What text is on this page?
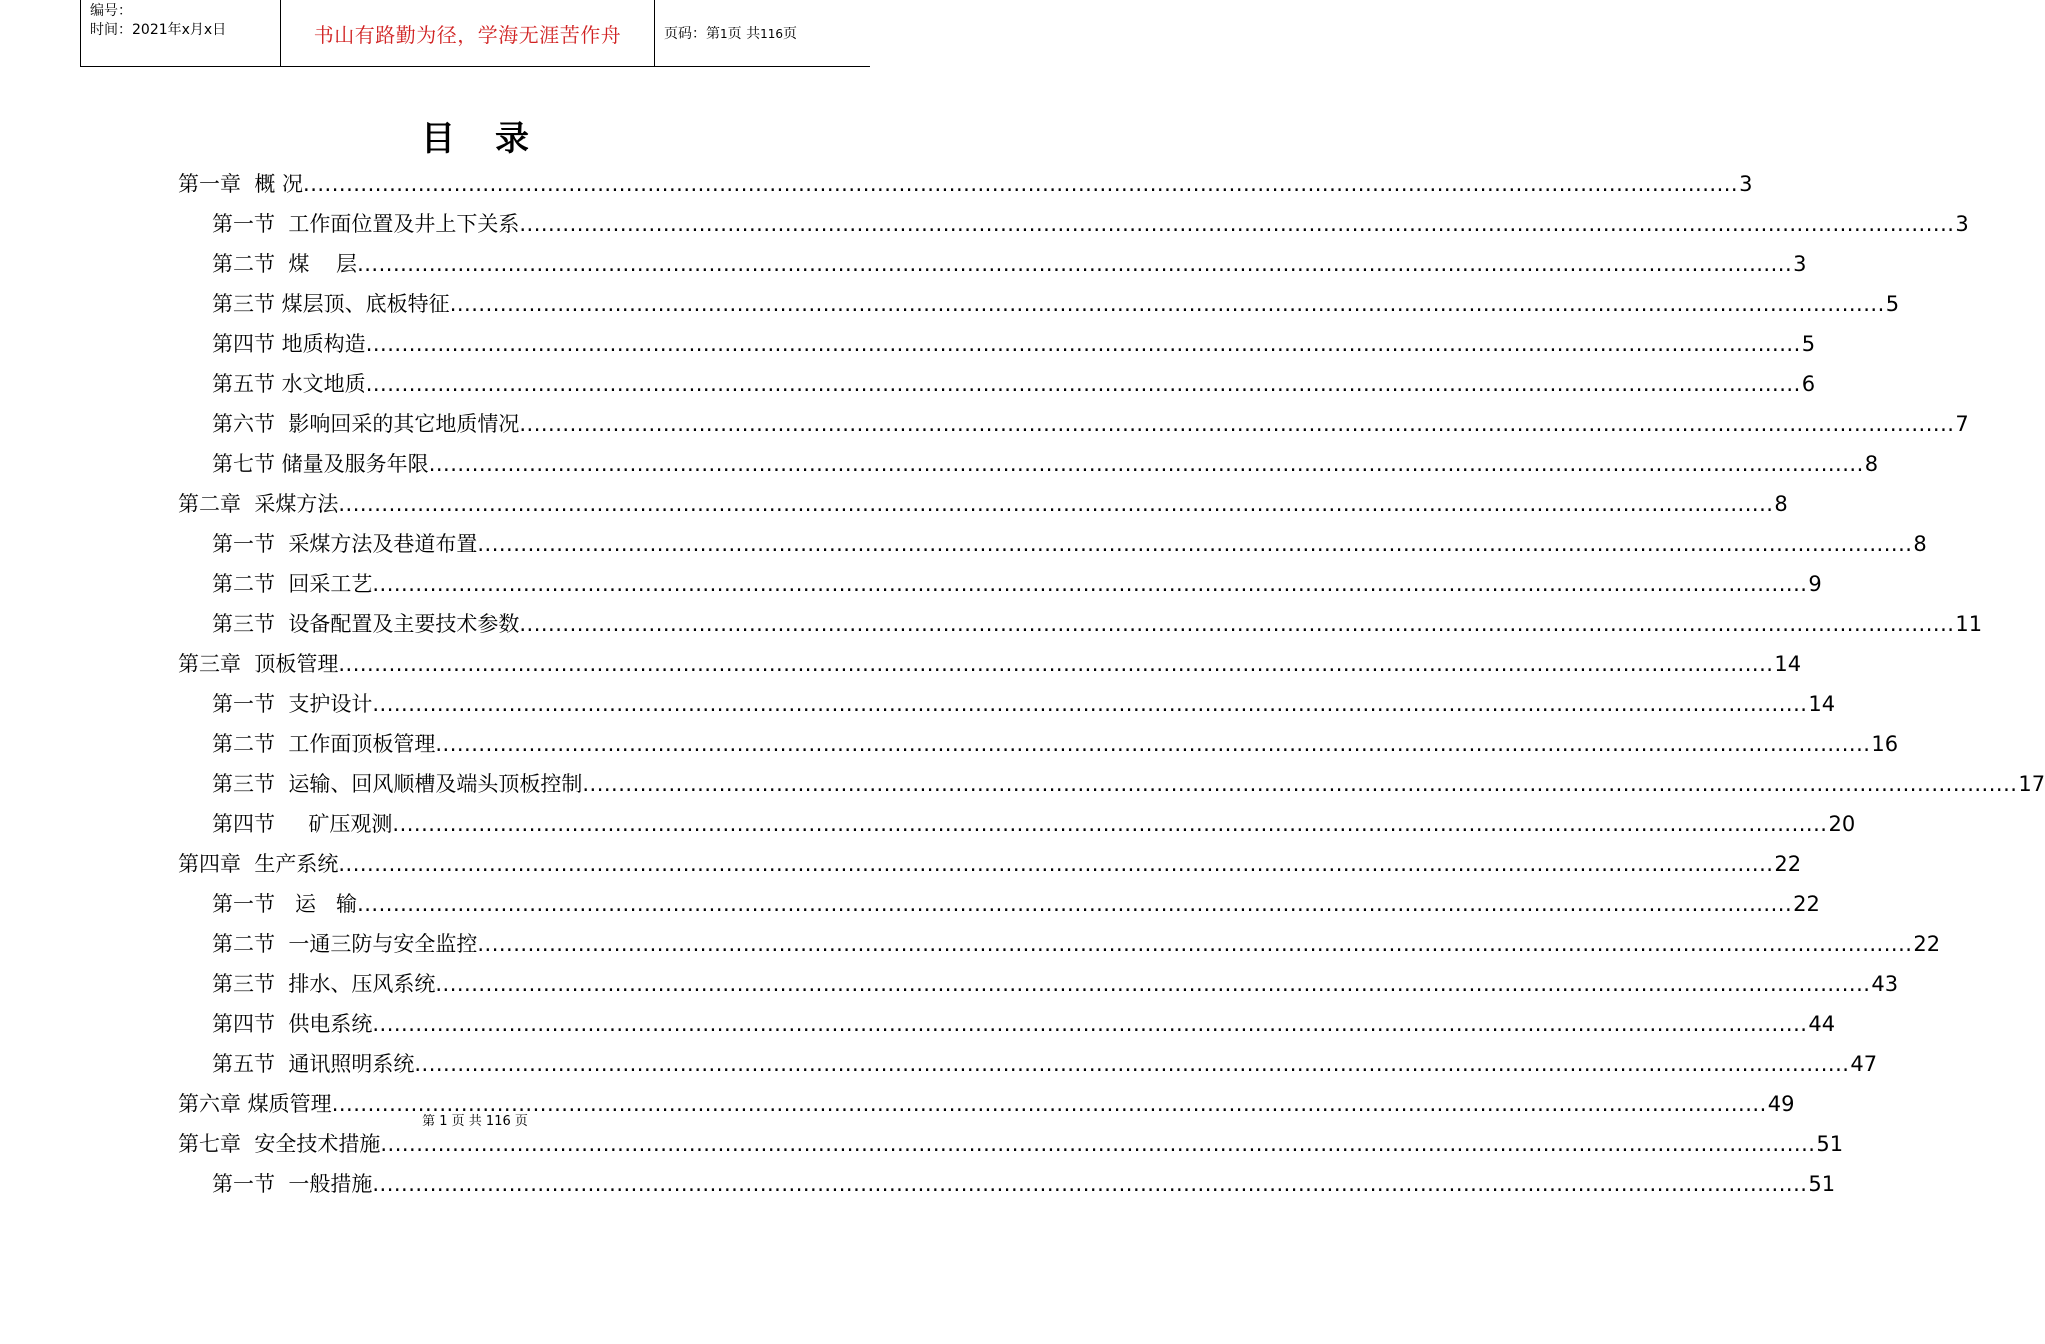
编号：
时间：2021年x月x日	书山有路勤为径，学海无涯苦作舟	页码：第1页 共116页
目录
第一章  概 况 ........................................................................................................................................................................................................ 3
第一节  工作面位置及井上下关系 ........................................................................................................................................................................................................ 3
第二节  煤    层 ........................................................................................................................................................................................................ 3
第三节 煤层顶、底板特征 ........................................................................................................................................................................................................ 5
第四节 地质构造 ........................................................................................................................................................................................................ 5
第五节 水文地质 ........................................................................................................................................................................................................ 6
第六节  影响回采的其它地质情况 ........................................................................................................................................................................................................ 7
第七节 储量及服务年限 ........................................................................................................................................................................................................ 8
第二章  采煤方法 ........................................................................................................................................................................................................ 8
第一节  采煤方法及巷道布置 ........................................................................................................................................................................................................ 8
第二节  回采工艺 ........................................................................................................................................................................................................ 9
第三节  设备配置及主要技术参数 ........................................................................................................................................................................................................ 11
第三章  顶板管理 ........................................................................................................................................................................................................ 14
第一节  支护设计 ........................................................................................................................................................................................................ 14
第二节  工作面顶板管理 ........................................................................................................................................................................................................ 16
第三节  运输、回风顺槽及端头顶板控制 ........................................................................................................................................................................................................ 17
第四节     矿压观测 ........................................................................................................................................................................................................ 20
第四章  生产系统 ........................................................................................................................................................................................................ 22
第一节   运   输 ........................................................................................................................................................................................................ 22
第二节  一通三防与安全监控 ........................................................................................................................................................................................................ 22
第三节  排水、压风系统 ........................................................................................................................................................................................................ 43
第四节  供电系统 ........................................................................................................................................................................................................ 44
第五节  通讯照明系统 ........................................................................................................................................................................................................ 47
第六章 煤质管理 ........................................................................................................................................................................................................ 49
第七章  安全技术措施 ........................................................................................................................................................................................................ 51
第一节  一般措施 ........................................................................................................................................................................................................ 51
第 1 页 共 116 页
